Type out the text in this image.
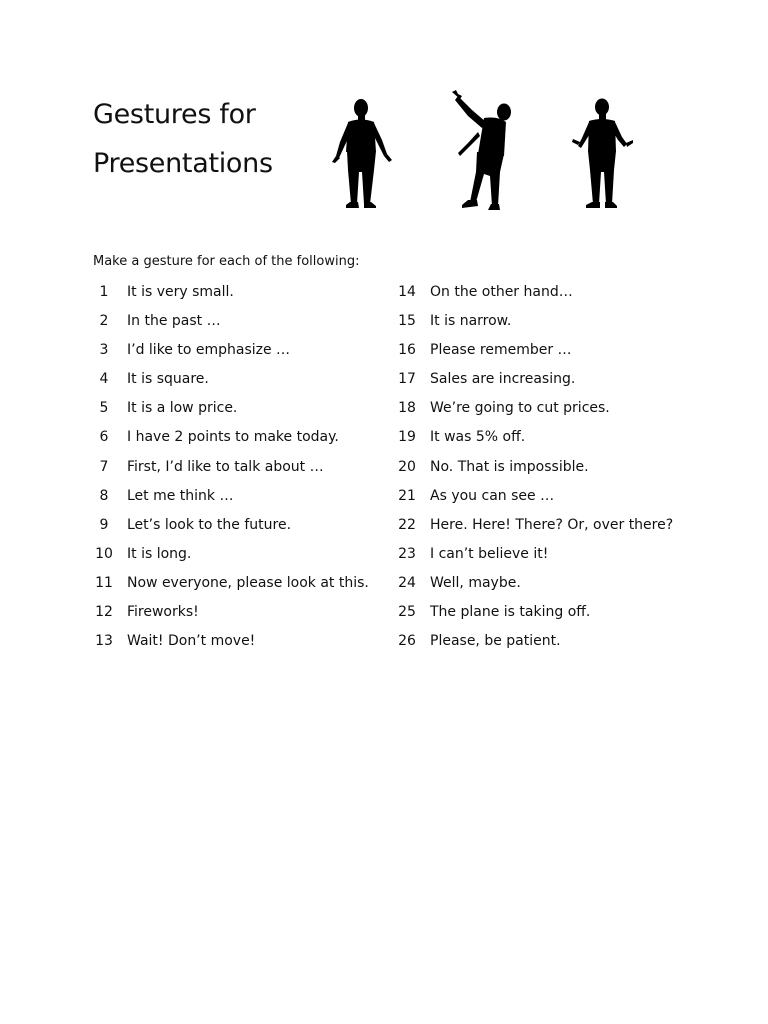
Gestures for
Presentations

Make a gesture for each of the following:

1	It is very small.
2	In the past …
3	I’d like to emphasize …
4	It is square.
5	It is a low price.
6	I have 2 points to make today.
7	First, I’d like to talk about …
8	Let me think …
9	Let’s look to the future.
10 It is long.
11 Now everyone, please look at this.
12 Fireworks!
13 Wait! Don’t move!
14 On the other hand…
15 It is narrow.
16 Please remember …
17 Sales are increasing.
18 We’re going to cut prices.
19 It was 5% off.
20 No. That is impossible.
21 As you can see …
22 Here. Here! There? Or, over there?
23 I can’t believe it!
24 Well, maybe.
25 The plane is taking off.
26 Please, be patient.
